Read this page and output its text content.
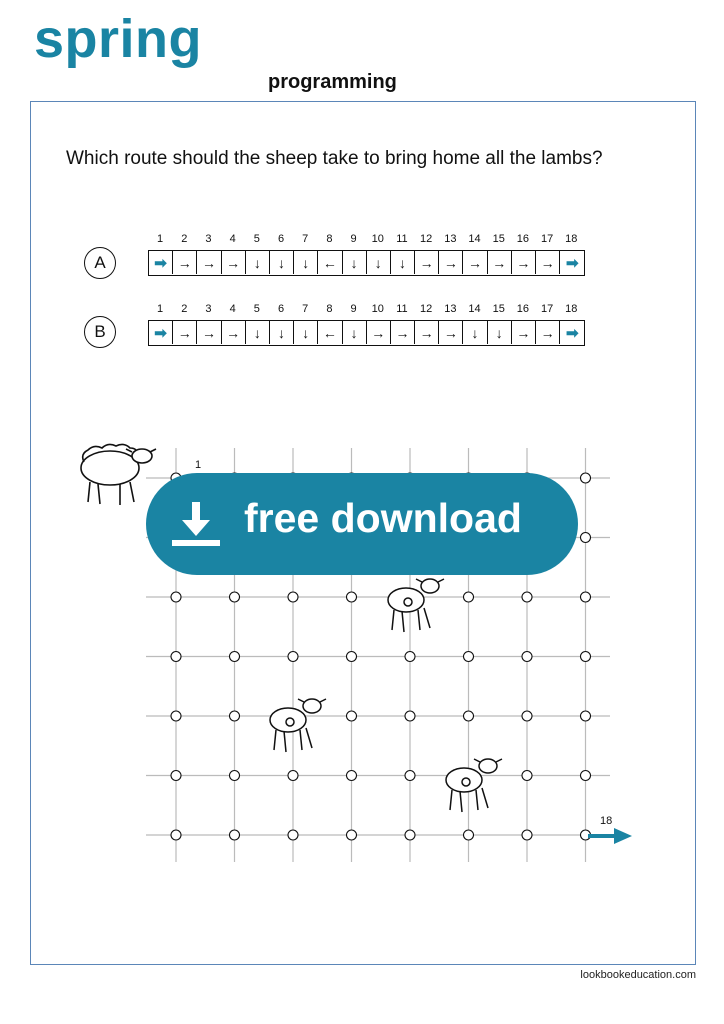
spring
programming
Which route should the sheep take to bring home all the lambs?
A
1	2	3	4	5	6	7	8	9	10	11	12	13	14	15	16	17	18
➡ → → → ↓	↓	↓ ← ↓	↓	↓ → → → → → → ➡
B
1	2	3	4	5	6	7	8	9	10	11	12	13	14	15	16	17	18
➡ → → → ↓	↓	↓ ← ↓ → → → → ↓	↓ → → ➡
1
18
free download
lookbookeducation.com
